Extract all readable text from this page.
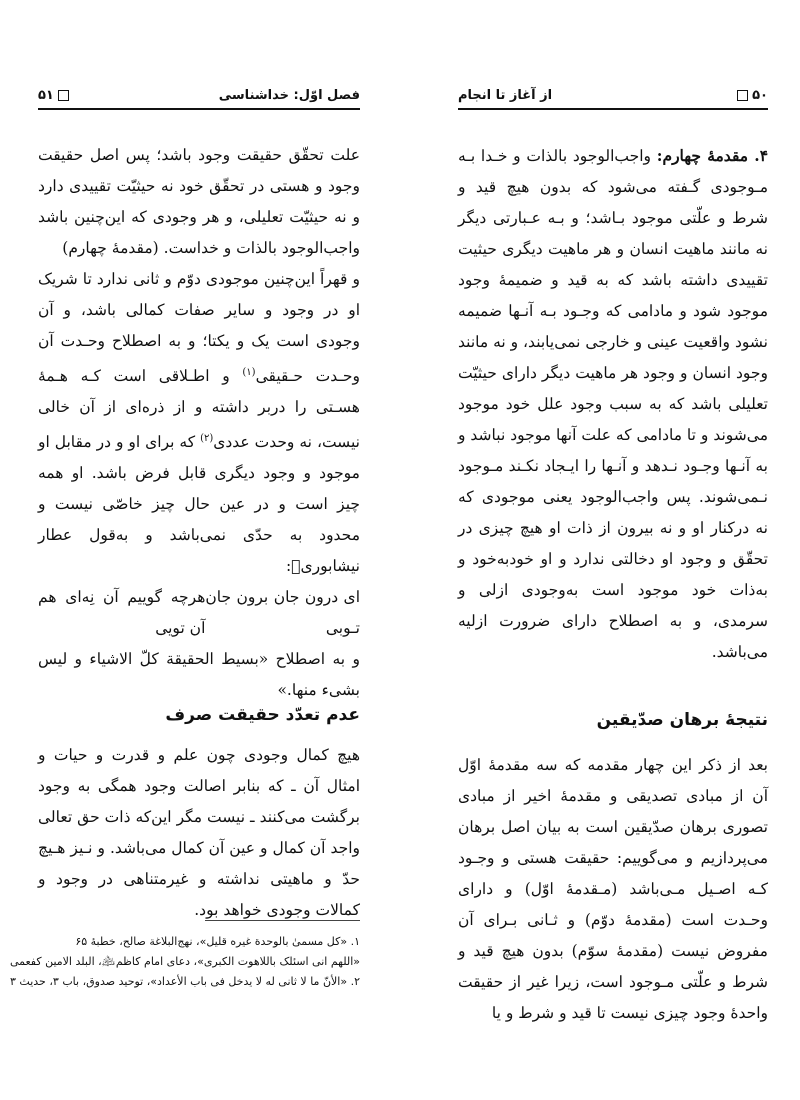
فصل اوّل: خداشناسی
۵۱

علت تحقّق حقیقت وجود باشد؛ پس اصل حقیقت وجود و هستی در تحقّق خود نه حیثیّت تقییدی دارد و نه حیثیّت تعلیلی، و هر وجودی که این‌چنین باشد واجب‌الوجود بالذات و خداست. (مقدمهٔ چهارم)

و قهراً این‌چنین موجودی دوّم و ثانی ندارد تا شریک او در وجود و سایر صفات کمالی باشد، و آن وجودی است یک و یکتا؛ و به اصطلاح وحـدت آن وحـدت حـقیقی$^{(۱)}$ و اطـلاقی است کـه هـمهٔ هسـتی را دربر داشته و از ذره‌ای از آن خالی نیست، نه وحدت عددی$^{(۲)}$ که برای او و در مقابل او موجود و وجود دیگری قابل فرض باشد. او همه چیز است و در عین حال چیز خاصّی نیست و محدود به حدّی نمی‌باشد و به‌قول عطار نیشابوری﷫:

ای درون جان برون جان تـوبی
هرچه گوییم آن نِه‌ای هم آن تویی

و به اصطلاح «بسیط الحقیقة کلّ الاشیاء و لیس بشیء منها.»

عدم تعدّد حقیقت صرف

هیچ کمال وجودی چون علم و قدرت و حیات و امثال آن ـ که بنابر اصالت وجود همگی به وجود برگشت می‌کنند ـ نیست مگر این‌که ذات حق تعالی واجد آن کمال و عین آن کمال می‌باشد. و نـیز هـیچ حدّ و ماهیتی نداشته و غیرمتناهی در وجود و کمالات وجودی خواهد بود.

۱. «کل مسمیٰ بالوحدة غیره قلیل»، نهج‌البلاغة صالح، خطبهٔ ۶۵
«اللهم انی اسئلک باللاهوت الکبری»، دعای امام کاظم﵇، البلد الامین کفعمی
۲. «الأنّ ما لا ثانی له لا یدخل فی باب الأعداد»، توحید صدوق، باب ۳، حدیث ۳
۵۰
از آغاز تا انجام

۴. مقدمهٔ چهارم: واجب‌الوجود بالذات و خـدا بـه مـوجودی گـفته می‌شود که بدون هیچ قید و شرط و علّتی موجود بـاشد؛ و بـه عـبارتی دیگر نه مانند ماهیت انسان و هر ماهیت دیگری حیثیت تقییدی داشته باشد که به قید و ضمیمهٔ وجود موجود شود و مادامی که وجـود بـه آنـها ضمیمه نشود واقعیت عینی و خارجی نمی‌یابند، و نه مانند وجود انسان و وجود هر ماهیت دیگر دارای حیثیّت تعلیلی باشد که به سبب وجود علل خود موجود می‌شوند و تا مادامی که علت آنها موجود نباشد و به آنـها وجـود نـدهد و آنـها را ایـجاد نکـند مـوجود نـمی‌شوند. پس واجب‌الوجود یعنی موجودی که نه درکنار او و نه بیرون از ذات او هیچ چیزی در تحقّق و وجود او دخالتی ندارد و او خودبه‌خود و به‌ذات خود موجود است به‌وجودی ازلی و سرمدی، و به اصطلاح دارای ضرورت ازلیه می‌باشد.

نتیجهٔ برهان صدّیقین

بعد از ذکر این چهار مقدمه که سه مقدمهٔ اوّل آن از مبادی تصدیقی و مقدمهٔ اخیر از مبادی تصوری برهان صدّیقین است به بیان اصل برهان می‌پردازیم و می‌گوییم: حقیقت هستی و وجـود کـه اصـیل مـی‌باشد (مـقدمهٔ اوّل) و دارای وحـدت است (مقدمهٔ دوّم) و ثـانی بـرای آن مفروض نیست (مقدمهٔ سوّم) بدون هیچ قید و شرط و علّتی مـوجود است، زیرا غیر از حقیقت واحدهٔ وجود چیزی نیست تا قید و شرط و یا
